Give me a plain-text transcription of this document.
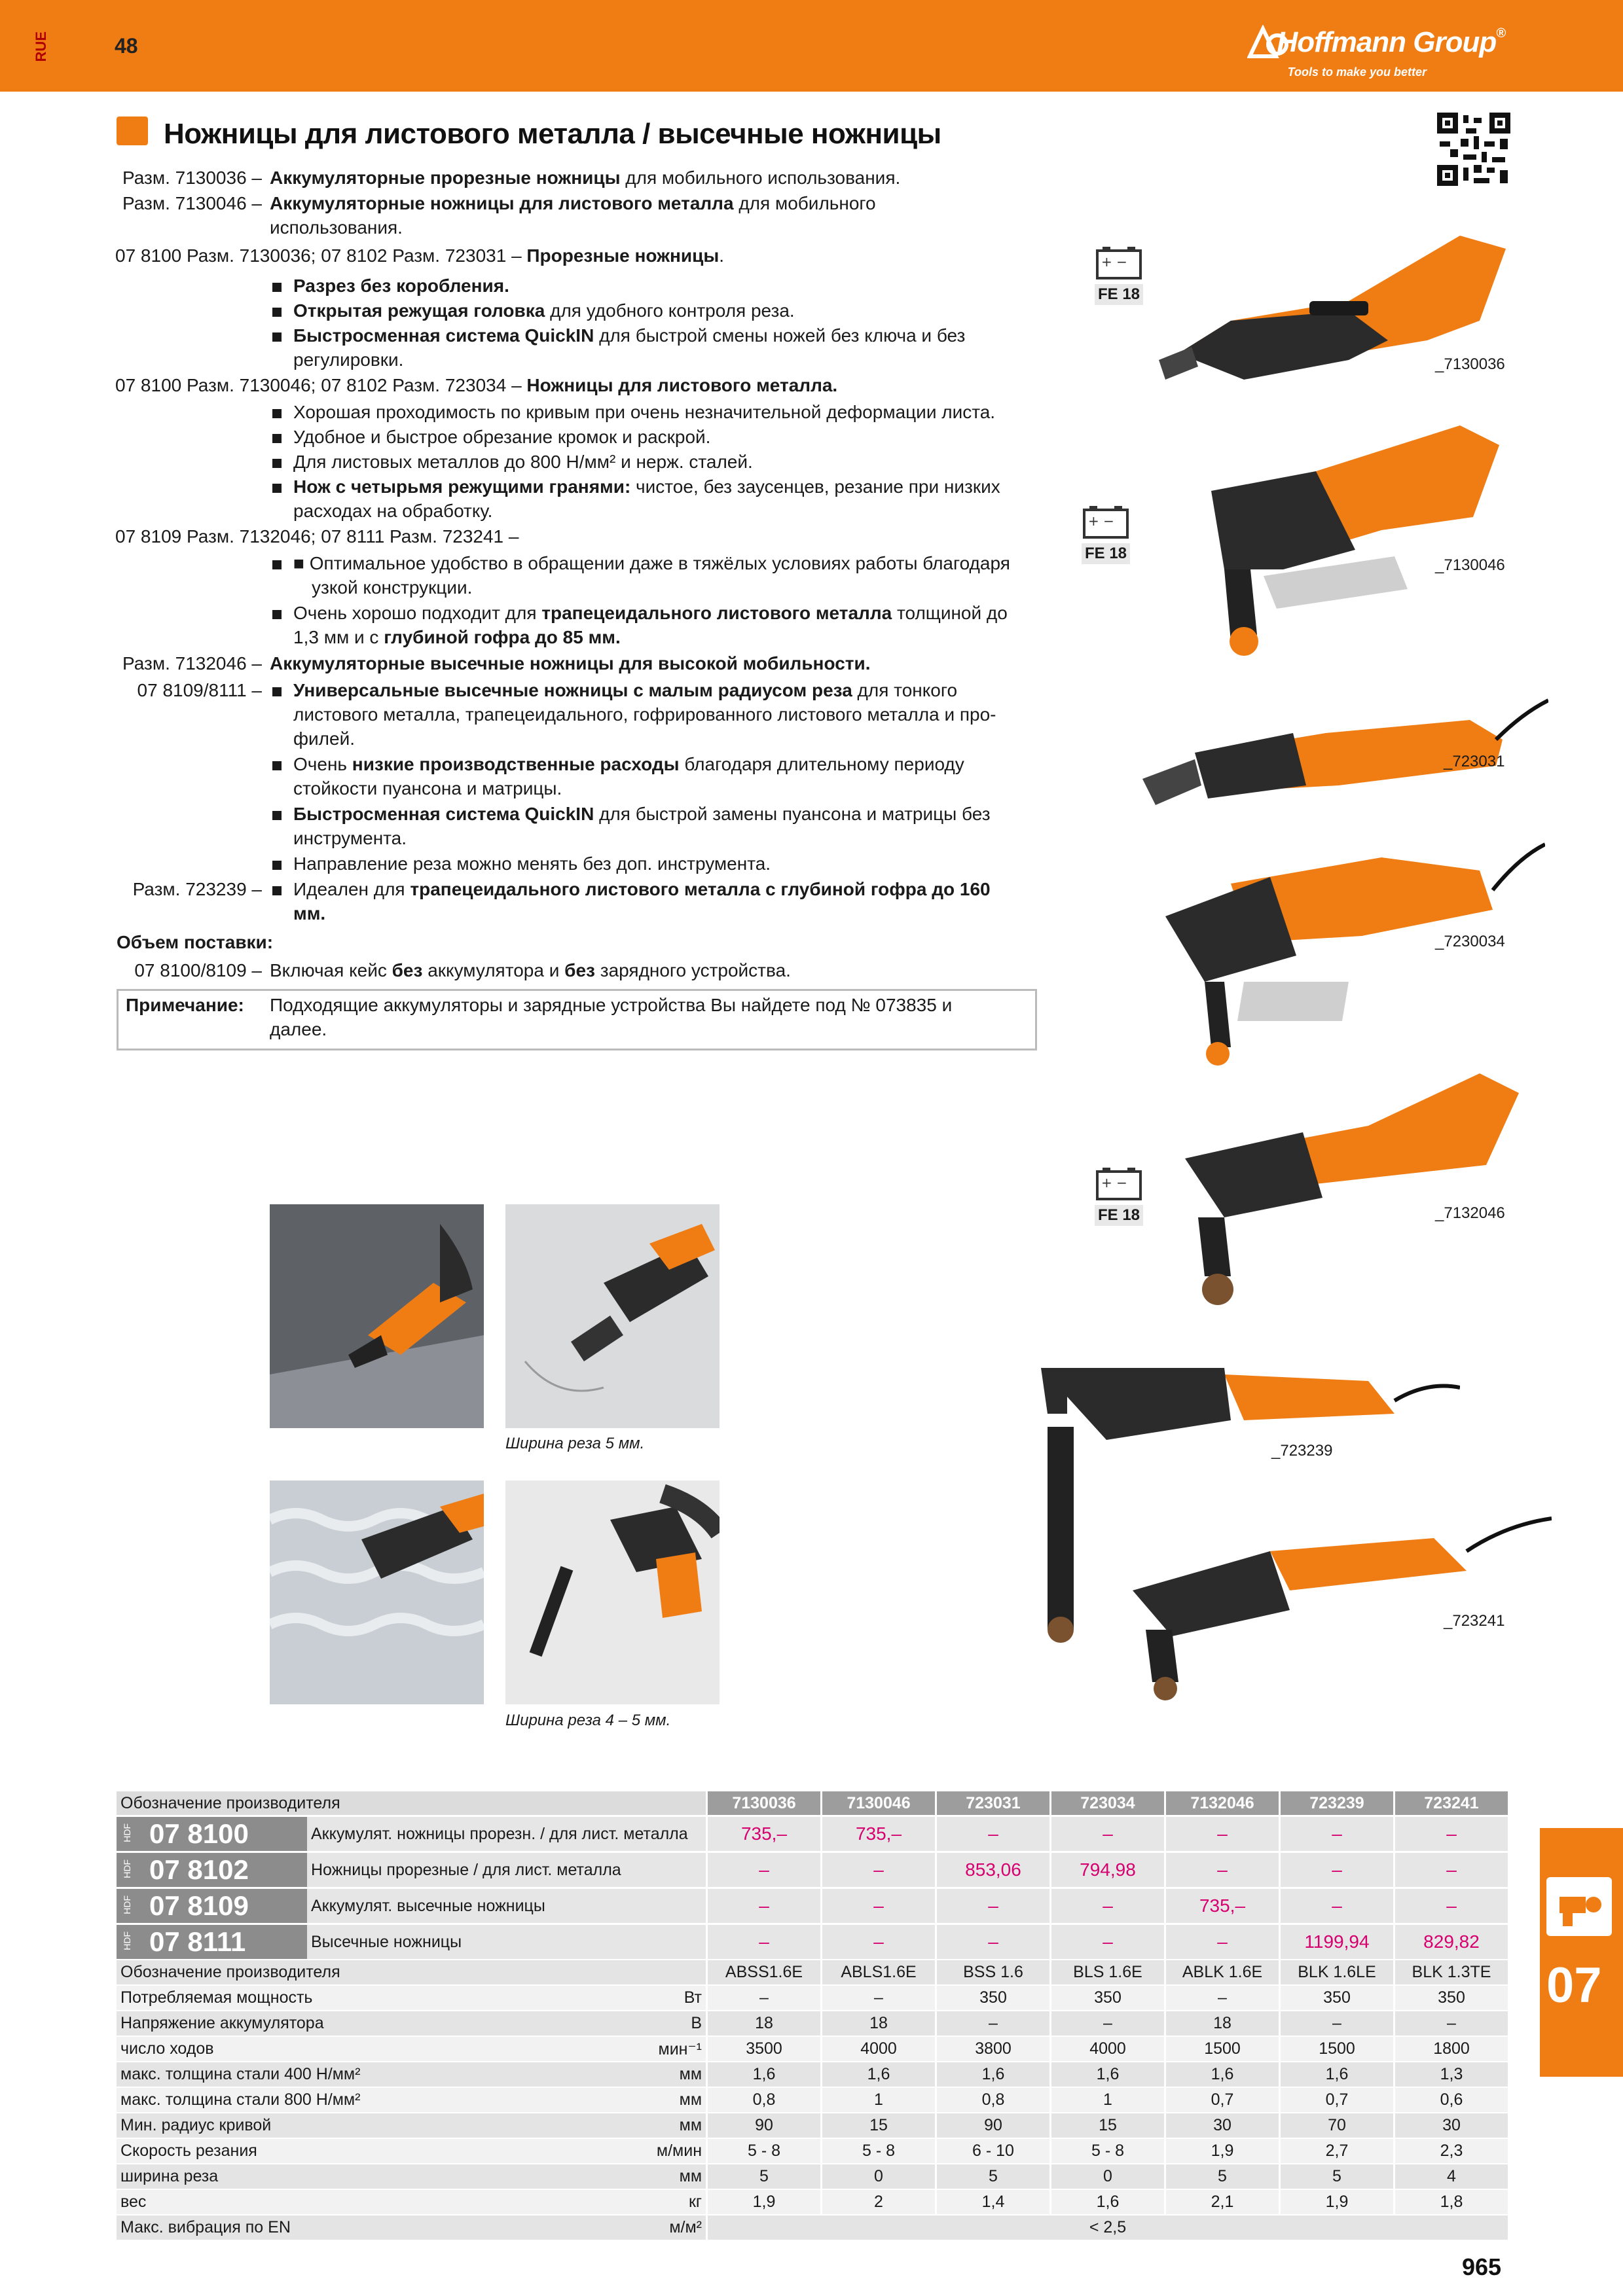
RUE	48	Hoffmann Group®
Tools to make you better
Ножницы для листового металла / высечные ножницы
Разм. 7130036 – Аккумуляторные прорезные ножницы для мобильного использования.
Разм. 7130046 – Аккумуляторные ножницы для листового металла для мобильного
использования.
07 8100 Разм. 7130036; 07 8102 Разм. 723031 – Прорезные ножницы.
Разрез без коробления.
Открытая режущая головка для удобного контроля реза.
Быстросменная система QuickIN для быстрой смены ножей без ключа и без
регулировки.
07 8100 Разм. 7130046; 07 8102 Разм. 723034 – Ножницы для листового металла.
Хорошая проходимость по кривым при очень незначительной деформации листа.
Удобное и быстрое обрезание кромок и раскрой.
Для листовых металлов до 800 Н/мм² и нерж. сталей.
Нож с четырьмя режущими гранями: чистое, без заусенцев, резание при низких
расходах на обработку.
07 8109 Разм. 7132046; 07 8111 Разм. 723241 –
■ Оптимальное удобство в обращении даже в тяжёлых условиях работы благодаря
узкой конструкции.
Очень хорошо подходит для трапецеидального листового металла толщиной до
1,3 мм и с глубиной гофра до 85 мм.
Разм. 7132046 – Аккумуляторные высечные ножницы для высокой мобильности.
07 8109/8111 – Универсальные высечные ножницы с малым радиусом реза для тонкого
листового металла, трапецеидального, гофрированного листового металла и про-
филей.
Очень низкие производственные расходы благодаря длительному периоду
стойкости пуансона и матрицы.
Быстросменная система QuickIN для быстрой замены пуансона и матрицы без
инструмента.
Направление реза можно менять без доп. инструмента.
Разм. 723239 – Идеален для трапецеидального листового металла с глубиной гофра до 160
мм.
Объем поставки:
07 8100/8109 – Включая кейс без аккумулятора и без зарядного устройства.
Примечание: Подходящие аккумуляторы и зарядные устройства Вы найдете под № 073835 и
далее.
+ −
FE 18
+ −
FE 18
+ −
FE 18
_7130036
_7130046
_723031
_7230034
_7132046
_723239
_723241
Ширина реза 5 мм.
Ширина реза 4 – 5 мм.
07
Обозначение производителя			7130036	7130046	723031	723034	7132046	723239	723241

HDF 07 8100	Аккумулят. ножницы прорезн. / для лист. металла		735,–	735,–	–	–	–	–	–

HDF 07 8102	Ножницы прорезные / для лист. металла		–	–	853,06	794,98	–	–	–

HDF 07 8109	Аккумулят. высечные ножницы		–	–	–	–	735,–	–	–

HDF 07 8111	Высечные ножницы		–	–	–	–	–	1199,94	829,82
Обозначение производителя			ABSS1.6E	ABLS1.6E	BSS 1.6	BLS 1.6E	ABLK 1.6E	BLK 1.6LE	BLK 1.3TE
Потребляемая мощность		Вт	–	–	350	350	–	350	350
Напряжение аккумулятора		В	18	18	–	–	18	–	–
число ходов		мин⁻¹	3500	4000	3800	4000	1500	1500	1800
макс. толщина стали 400 Н/мм²		мм	1,6	1,6	1,6	1,6	1,6	1,6	1,3
макс. толщина стали 800 Н/мм²		мм	0,8	1	0,8	1	0,7	0,7	0,6
Мин. радиус кривой		мм	90	15	90	15	30	70	30
Скорость резания		м/мин	5 - 8	5 - 8	6 - 10	5 - 8	1,9	2,7	2,3
ширина реза		мм	5	0	5	0	5	5	4
вес		кг	1,9	2	1,4	1,6	2,1	1,9	1,8
Макс. вибрация по EN		м/м²	< 2,5						
965
